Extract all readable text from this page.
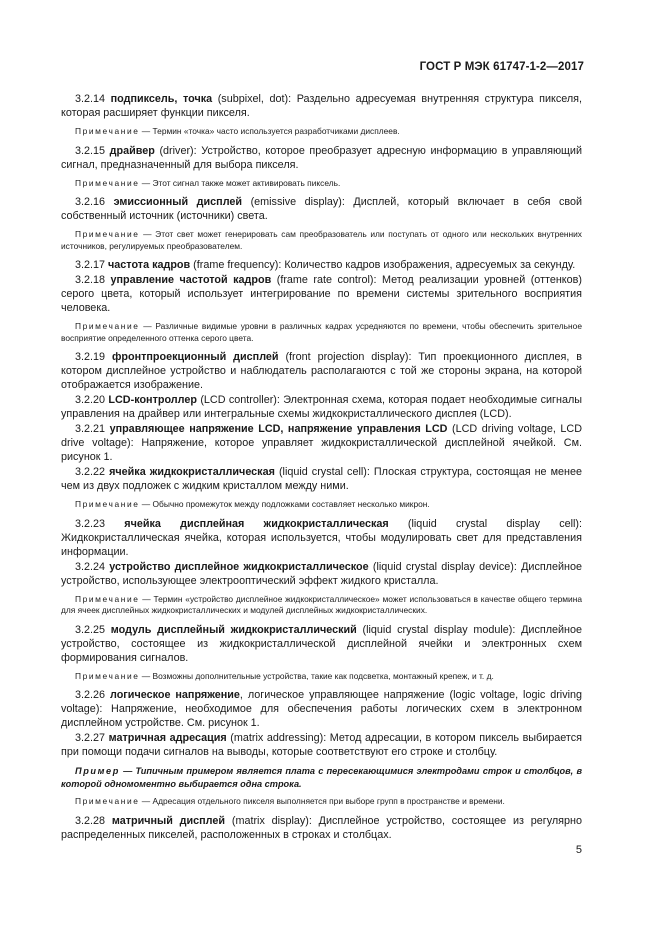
ГОСТ Р МЭК 61747-1-2—2017

3.2.14 подпиксель, точка (subpixel, dot): Раздельно адресуемая внутренняя структура пикселя, которая расширяет функции пикселя.

Примечание — Термин «точка» часто используется разработчиками дисплеев.

3.2.15 драйвер (driver): Устройство, которое преобразует адресную информацию в управляющий сигнал, предназначенный для выбора пикселя.

Примечание — Этот сигнал также может активировать пиксель.

3.2.16 эмиссионный дисплей (emissive display): Дисплей, который включает в себя свой собственный источник (источники) света.

Примечание — Этот свет может генерировать сам преобразователь или поступать от одного или нескольких внутренних источников, регулируемых преобразователем.

3.2.17 частота кадров (frame frequency): Количество кадров изображения, адресуемых за секунду.

3.2.18 управление частотой кадров (frame rate control): Метод реализации уровней (оттенков) серого цвета, который использует интегрирование по времени системы зрительного восприятия человека.

Примечание — Различные видимые уровни в различных кадрах усредняются по времени, чтобы обеспечить зрительное восприятие определенного оттенка серого цвета.

3.2.19 фронтпроекционный дисплей (front projection display): Тип проекционного дисплея, в котором дисплейное устройство и наблюдатель располагаются с той же стороны экрана, на которой отображается изображение.

3.2.20 LCD-контроллер (LCD controller): Электронная схема, которая подает необходимые сигналы управления на драйвер или интегральные схемы жидкокристаллического дисплея (LCD).

3.2.21 управляющее напряжение LCD, напряжение управления LCD (LCD driving voltage, LCD drive voltage): Напряжение, которое управляет жидкокристаллической дисплейной ячейкой. См. рисунок 1.

3.2.22 ячейка жидкокристаллическая (liquid crystal cell): Плоская структура, состоящая не менее чем из двух подложек с жидким кристаллом между ними.

Примечание — Обычно промежуток между подложками составляет несколько микрон.

3.2.23 ячейка дисплейная жидкокристаллическая (liquid crystal display cell): Жидкокристаллическая ячейка, которая используется, чтобы модулировать свет для представления информации.

3.2.24 устройство дисплейное жидкокристаллическое (liquid crystal display device): Дисплейное устройство, использующее электрооптический эффект жидкого кристалла.

Примечание — Термин «устройство дисплейное жидкокристаллическое» может использоваться в качестве общего термина для ячеек дисплейных жидкокристаллических и модулей дисплейных жидкокристаллических.

3.2.25 модуль дисплейный жидкокристаллический (liquid crystal display module): Дисплейное устройство, состоящее из жидкокристаллической дисплейной ячейки и электронных схем формирования сигналов.

Примечание — Возможны дополнительные устройства, такие как подсветка, монтажный крепеж, и т. д.

3.2.26 логическое напряжение, логическое управляющее напряжение (logic voltage, logic driving voltage): Напряжение, необходимое для обеспечения работы логических схем в электронном дисплейном устройстве. См. рисунок 1.

3.2.27 матричная адресация (matrix addressing): Метод адресации, в котором пиксель выбирается при помощи подачи сигналов на выводы, которые соответствуют его строке и столбцу.

Пример — Типичным примером является плата с пересекающимися электродами строк и столбцов, в которой одномоментно выбирается одна строка.

Примечание — Адресация отдельного пикселя выполняется при выборе групп в пространстве и времени.

3.2.28 матричный дисплей (matrix display): Дисплейное устройство, состоящее из регулярно распределенных пикселей, расположенных в строках и столбцах.

5
